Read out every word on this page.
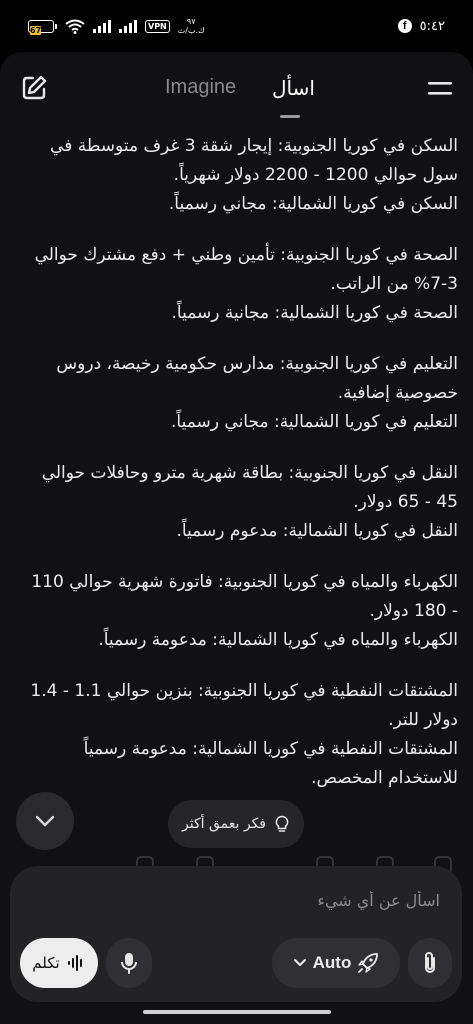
67	VPN	٩٧
ك.ب/ث	f	٥:٤٢
Imagine اسأل

السكن في كوريا الجنوبية: إيجار شقة 3 غرف متوسطة في سول حوالي 1200 - 2200 دولار شهرياً.

السكن في كوريا الشمالية: مجاني رسمياً.

الصحة في كوريا الجنوبية: تأمين وطني + دفع مشترك حوالي 3-7% من الراتب.

الصحة في كوريا الشمالية: مجانية رسمياً.

التعليم في كوريا الجنوبية: مدارس حكومية رخيصة، دروس خصوصية إضافية.

التعليم في كوريا الشمالية: مجاني رسمياً.

النقل في كوريا الجنوبية: بطاقة شهرية مترو وحافلات حوالي 45 - 65 دولار.

النقل في كوريا الشمالية: مدعوم رسمياً.

الكهرباء والمياه في كوريا الجنوبية: فاتورة شهرية حوالي 110 - 180 دولار.

الكهرباء والمياه في كوريا الشمالية: مدعومة رسمياً.

المشتقات النفطية في كوريا الجنوبية: بنزين حوالي 1.1 - 1.4 دولار للتر.

المشتقات النفطية في كوريا الشمالية: مدعومة رسمياً للاستخدام المخصص.

فكر بعمق أكثر
اسأل عن أي شيء
تكلم	Auto
